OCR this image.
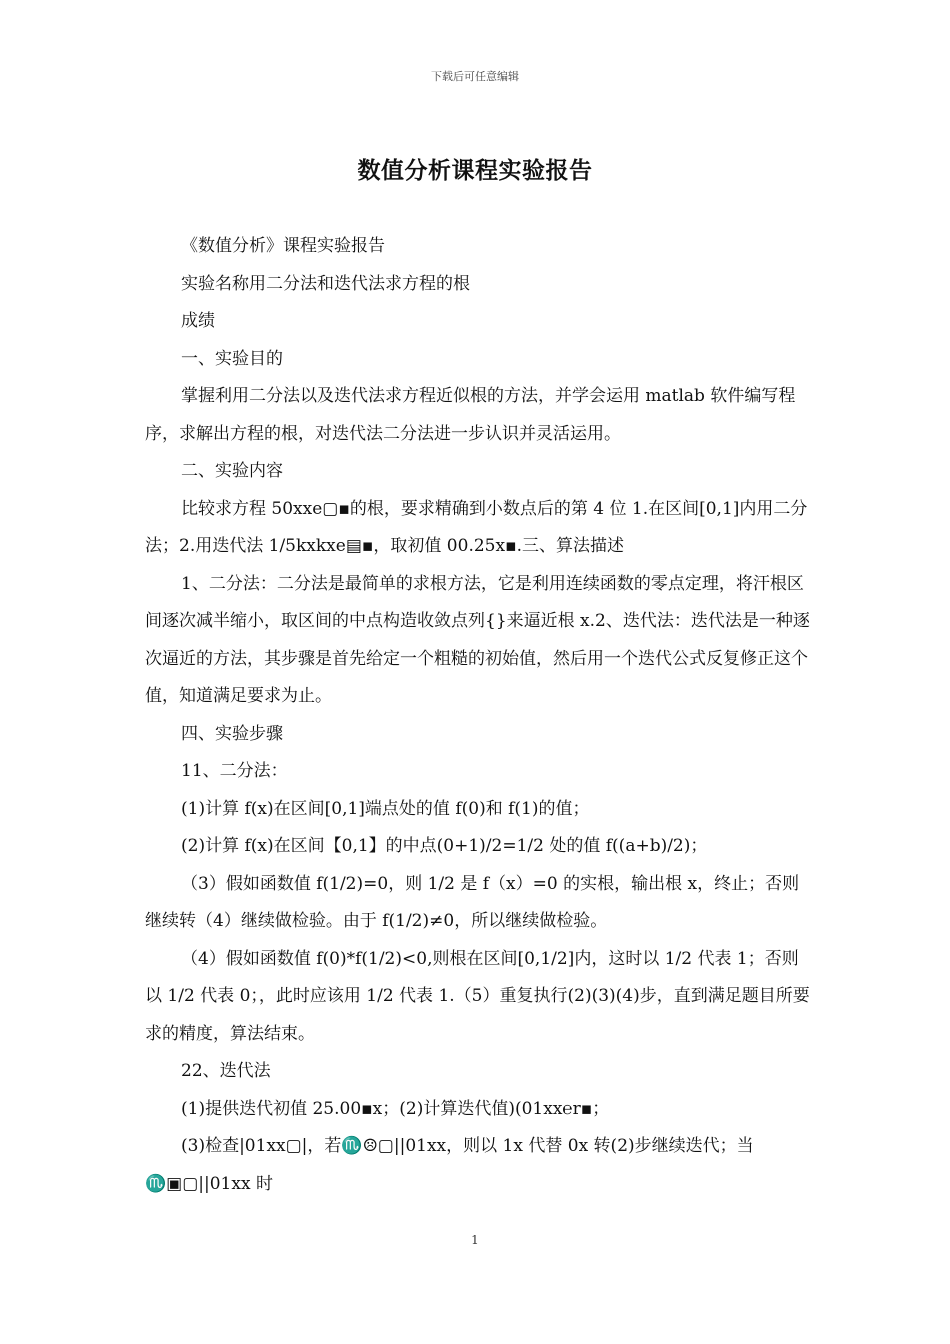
下载后可任意编辑
数值分析课程实验报告

《数值分析》课程实验报告

实验名称用二分法和迭代法求方程的根

成绩

一、实验目的

掌握利用二分法以及迭代法求方程近似根的方法，并学会运用 matlab 软件编写程序，求解出方程的根，对迭代法二分法进一步认识并灵活运用。

二、实验内容

比较求方程 50xxe▢▪的根，要求精确到小数点后的第 4 位 1.在区间[0,1]内用二分法；2.用迭代法 1/5kxkxe▤▪，取初值 00.25x▪.三、算法描述

1、二分法：二分法是最简单的求根方法，它是利用连续函数的零点定理，将汗根区间逐次减半缩小，取区间的中点构造收敛点列{}来逼近根 x.2、迭代法：迭代法是一种逐次逼近的方法，其步骤是首先给定一个粗糙的初始值，然后用一个迭代公式反复修正这个值，知道满足要求为止。

四、实验步骤

11、二分法：

(1)计算 f(x)在区间[0,1]端点处的值 f(0)和 f(1)的值；

(2)计算 f(x)在区间【0,1】的中点(0+1)/2=1/2 处的值 f((a+b)/2)；

（3）假如函数值 f(1/2)=0，则 1/2 是 f（x）=0 的实根，输出根 x，终止；否则继续转（4）继续做检验。由于 f(1/2)≠0，所以继续做检验。

（4）假如函数值 f(0)*f(1/2)<0,则根在区间[0,1/2]内，这时以 1/2 代表 1；否则以 1/2 代表 0；，此时应该用 1/2 代表 1.（5）重复执行(2)(3)(4)步，直到满足题目所要求的精度，算法结束。

22、迭代法

(1)提供迭代初值 25.00▪x；(2)计算迭代值)(01xx℮r▪；

(3)检查|01xx▢|，若♏☹▢||01xx，则以 1x 代替 0x 转(2)步继续迭代；当♏▣▢||01xx 时

1
